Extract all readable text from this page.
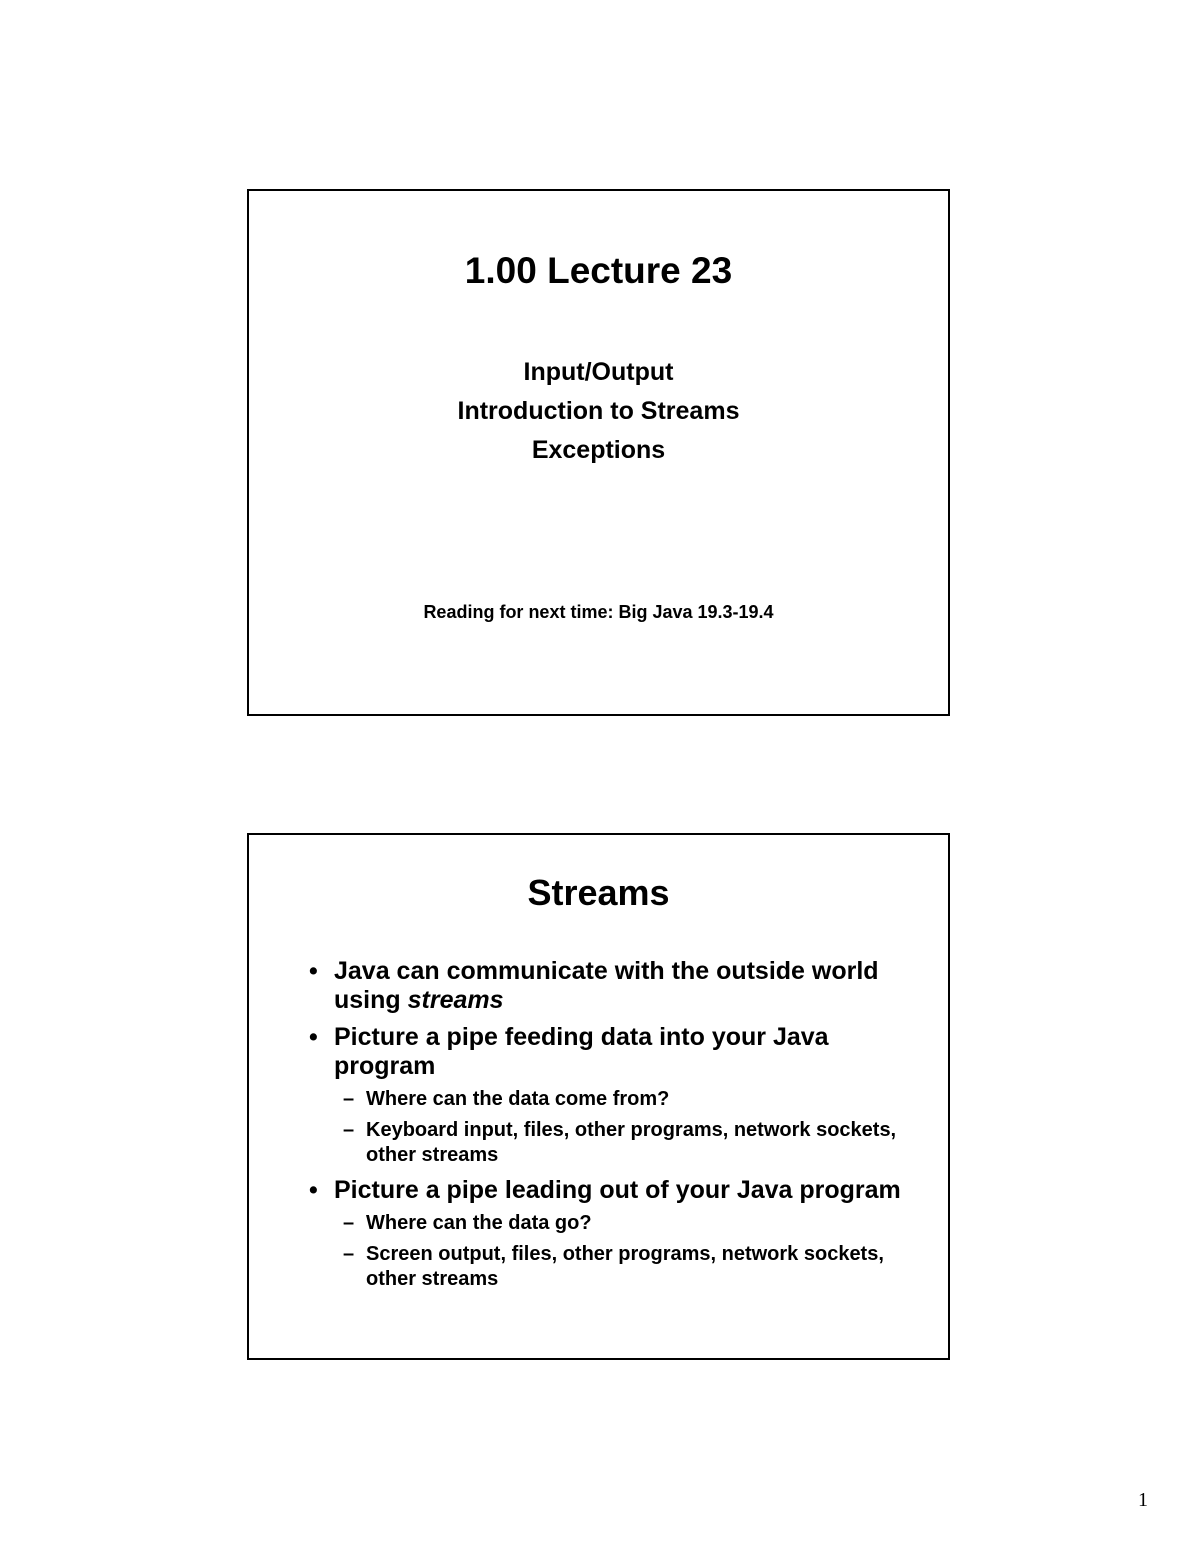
1.00 Lecture 23
Input/Output
Introduction to Streams
Exceptions
Reading for next time: Big Java 19.3-19.4
Streams
• Java can communicate with the outside world using streams
• Picture a pipe feeding data into your Java program
– Where can the data come from?
– Keyboard input, files, other programs, network sockets, other streams
• Picture a pipe leading out of your Java program
– Where can the data go?
– Screen output, files, other programs, network sockets, other streams
1
